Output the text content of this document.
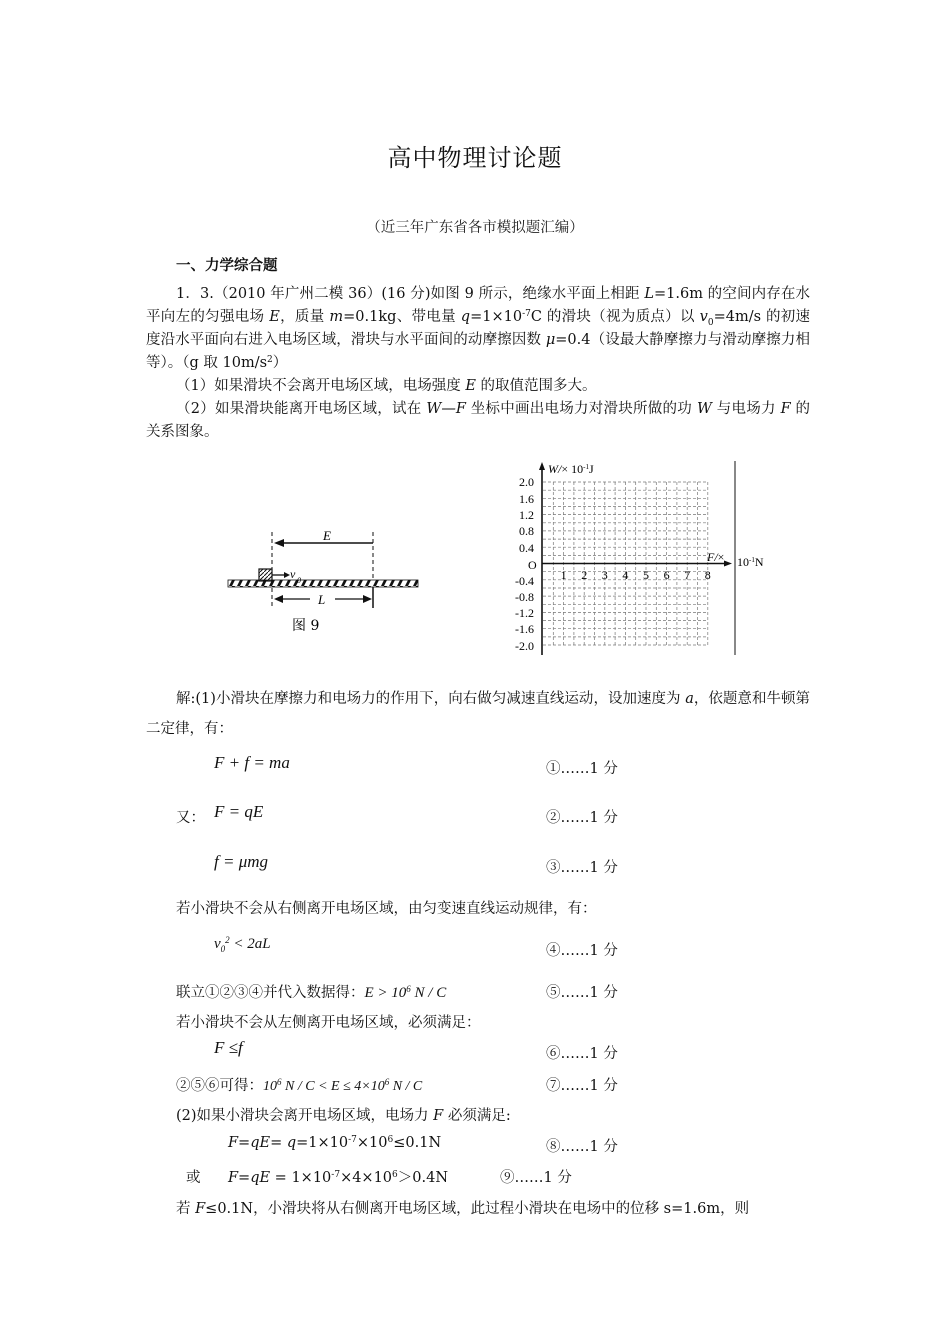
高中物理讨论题
（近三年广东省各市模拟题汇编）
一、力学综合题

1．3.（2010 年广州二模 36）(16 分)如图 9 所示，绝缘水平面上相距 L=1.6m 的空间内存在水平向左的匀强电场 E，质量 m=0.1kg、带电量 $q=1\times 10^{-7}C$ 的滑块（视为质点）以 $v_0=4m/s$ 的初速度沿水平面向右进入电场区域，滑块与水平面间的动摩擦因数 μ=0.4（设最大静摩擦力与滑动摩擦力相等）。（g 取 $10m/s^2$）

（1）如果滑块不会离开电场区域，电场强度 E 的取值范围多大。

（2）如果滑块能离开电场区域，试在 W—F 坐标中画出电场力对滑块所做的功 W 与电场力 F 的关系图象。

E
v 0
L
图 9
$W/\times 10^{-1}J$
$F/\times 10^{-1}N$
O
2.0
1.6
1.2
0.8
0.4
-0.4
-0.8
-1.2
-1.6
-2.0
1 2 3 4 5 6 7 8

解:(1)小滑块在摩擦力和电场力的作用下，向右做匀减速直线运动，设加速度为 a，依题意和牛顿第二定律，有：

F + f = ma	①……1 分
又： F = qE	②……1 分
f = μmg	③……1 分
若小滑块不会从右侧离开电场区域，由匀变速直线运动规律，有：
$v_0^2 < 2aL$	④……1 分
联立①②③④并代入数据得：$E > 10^6$ N / C	⑤……1 分
若小滑块不会从左侧离开电场区域，必须满足：
F ≤f	⑥……1 分
②⑤⑥可得：$10^6$ $N / C < E \le 4\times 10^6$ N / C	⑦……1 分
(2)如果小滑块会离开电场区域，电场力 F 必须满足:
$F=qE= q=1\times 10^{-7}\times 10^6\le 0.1N$	⑧……1 分
或 $F=qE = 1\times 10^{-7}\times 4\times 10^6>0.4N$	⑨……1 分
若 F≤0.1N，小滑块将从右侧离开电场区域，此过程小滑块在电场中的位移 s=1.6m，则
